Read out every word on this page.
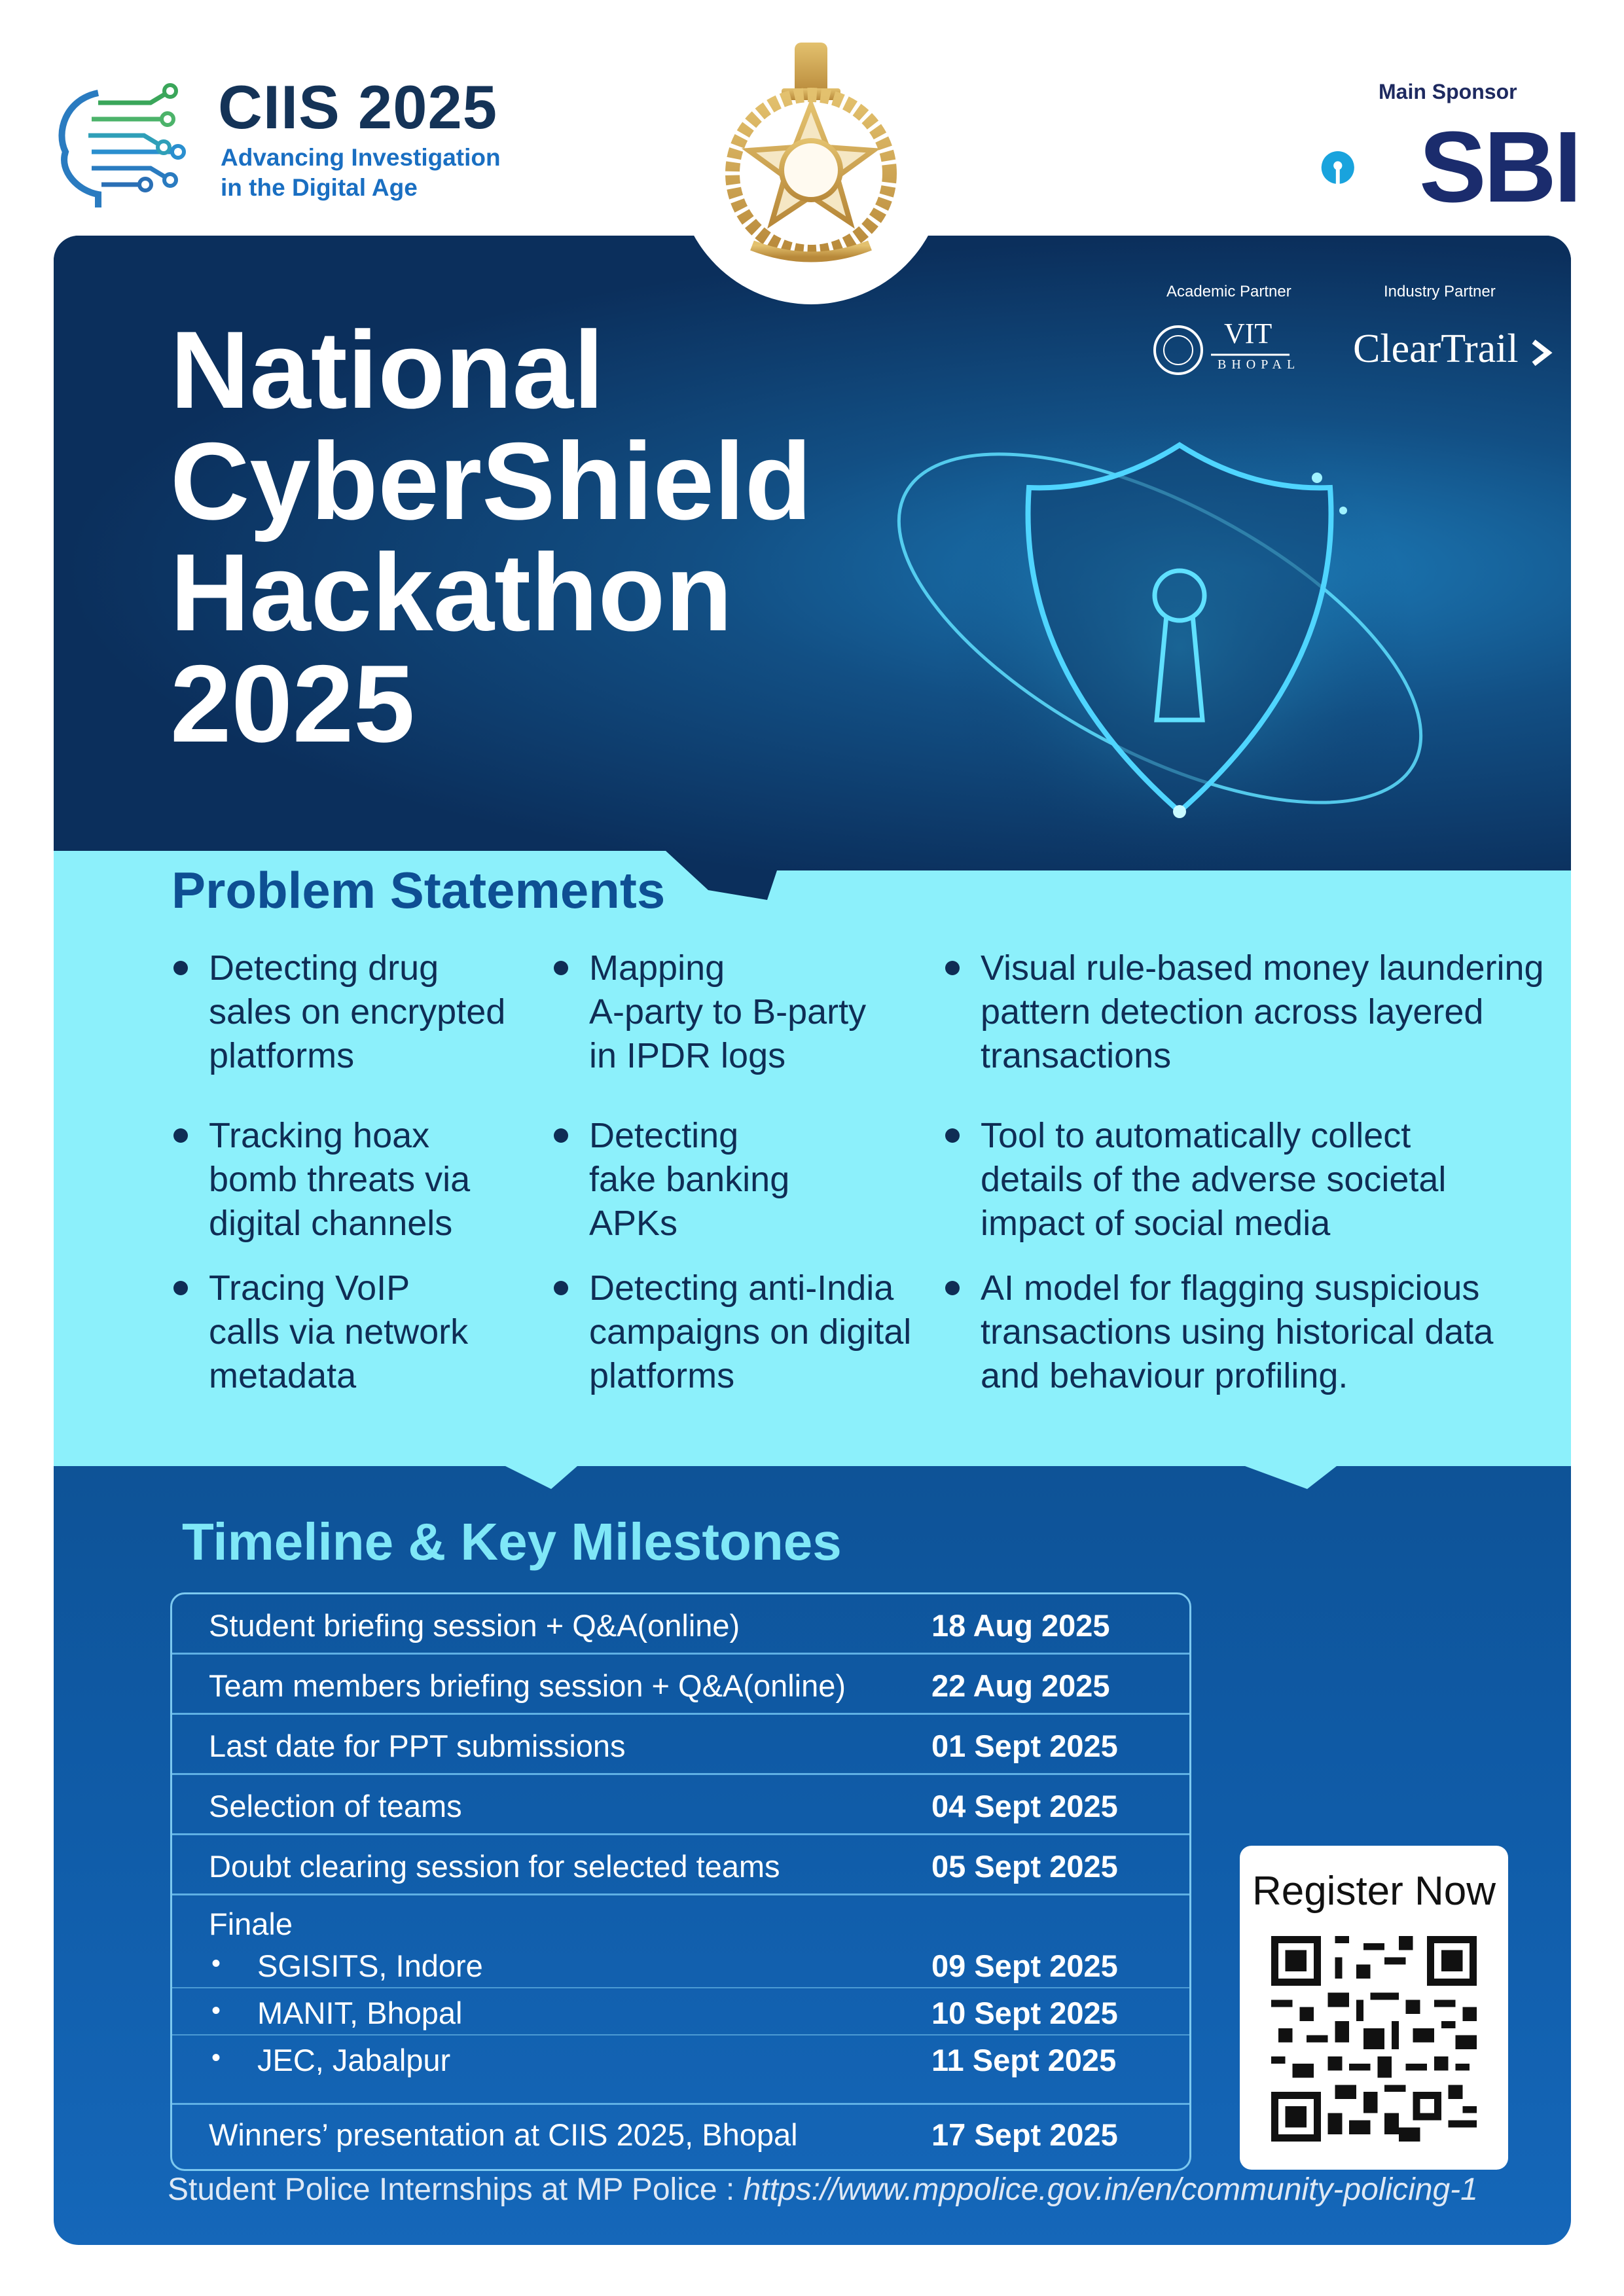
CIIS 2025
Advancing Investigation
in the Digital Age
Main Sponsor
SBI
National
CyberShield
Hackathon
2025
Academic Partner	Industry Partner
VIT
BHOPAL ClearTrail
Problem Statements
Detecting drug
sales on encrypted
platforms
Tracking hoax
bomb threats via
digital channels
Tracing VoIP
calls via network
metadata
Mapping
A-party to B-party
in IPDR logs
Detecting
fake banking
APKs
Detecting anti-India
campaigns on digital
platforms
Visual rule-based money laundering
pattern detection across layered
transactions
Tool to automatically collect
details of the adverse societal
impact of social media
AI model for flagging suspicious
transactions using historical data
and behaviour profiling.
Timeline & Key Milestones
Student briefing session + Q&A(online)	18 Aug 2025
Team members briefing session + Q&A(online)	22 Aug 2025
Last date for PPT submissions	01 Sept 2025
Selection of teams	04 Sept 2025
Doubt clearing session for selected teams	05 Sept 2025
Finale
• SGISITS, Indore	09 Sept 2025
• MANIT, Bhopal	10 Sept 2025
• JEC, Jabalpur	11 Sept 2025
Winners’ presentation at CIIS 2025, Bhopal	17 Sept 2025
Register Now
Student Police Internships at MP Police : https://www.mppolice.gov.in/en/community-policing-1
